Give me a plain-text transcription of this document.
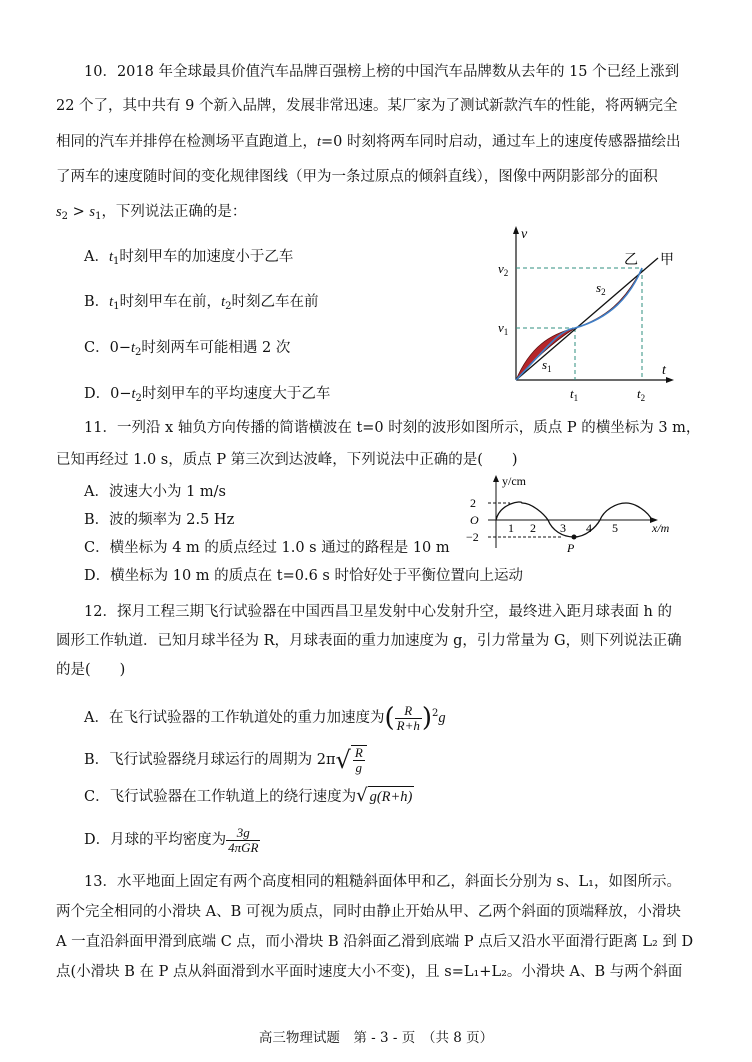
10．2018 年全球最具价值汽车品牌百强榜上榜的中国汽车品牌数从去年的 15 个已经上涨到
22 个了，其中共有 9 个新入品牌，发展非常迅速。某厂家为了测试新款汽车的性能，将两辆完全
相同的汽车并排停在检测场平直跑道上，t=0 时刻将两车同时启动，通过车上的速度传感器描绘出
了两车的速度随时间的变化规律图线（甲为一条过原点的倾斜直线），图像中两阴影部分的面积
$s_2 > s_1$，下列说法正确的是：
A．$t_1$时刻甲车的加速度小于乙车
B．$t_1$时刻甲车在前，$t_2$时刻乙车在前
C．$0-t_2$时刻两车可能相遇 2 次
D．$0-t_2$时刻甲车的平均速度大于乙车
v
t
$v_2$
$v_1$
$t_1$	$t_2$
$s_1$
$s_2$
乙 甲
11．一列沿 x 轴负方向传播的简谐横波在 t=0 时刻的波形如图所示，质点 P 的横坐标为 3 m，
已知再经过 1.0 s，质点 P 第三次到达波峰，下列说法中正确的是(　　)
A．波速大小为 1 m/s
B．波的频率为 2.5 Hz
C．横坐标为 4 m 的质点经过 1.0 s 通过的路程是 10 m
D．横坐标为 10 m 的质点在 t=0.6 s 时恰好处于平衡位置向上运动
2
−2
O
1 2 3 4 5	x/m
y/cm
P
12．探月工程三期飞行试验器在中国西昌卫星发射中心发射升空，最终进入距月球表面 h 的
圆形工作轨道．已知月球半径为 R，月球表面的重力加速度为 g，引力常量为 G，则下列说法正确
的是(　　)
A．在飞行试验器的工作轨道处的重力加速度为( $\frac{R}{R+h} )^2g$
B．飞行试验器绕月球运行的周期为 $2\pi√ \frac{R}{g}$
C．飞行试验器在工作轨道上的绕行速度为√ g(R+h)
D．月球的平均密度为 $\frac{3g}{\text{4πGR}}$
13．水平地面上固定有两个高度相同的粗糙斜面体甲和乙，斜面长分别为 s、L₁，如图所示。
两个完全相同的小滑块 A、B 可视为质点，同时由静止开始从甲、乙两个斜面的顶端释放，小滑块
A 一直沿斜面甲滑到底端 C 点，而小滑块 B 沿斜面乙滑到底端 P 点后又沿水平面滑行距离 L₂ 到 D
点(小滑块 B 在 P 点从斜面滑到水平面时速度大小不变)，且 s=L₁+L₂。小滑块 A、B 与两个斜面
高三物理试题　第 - 3 - 页　（共 8 页）
